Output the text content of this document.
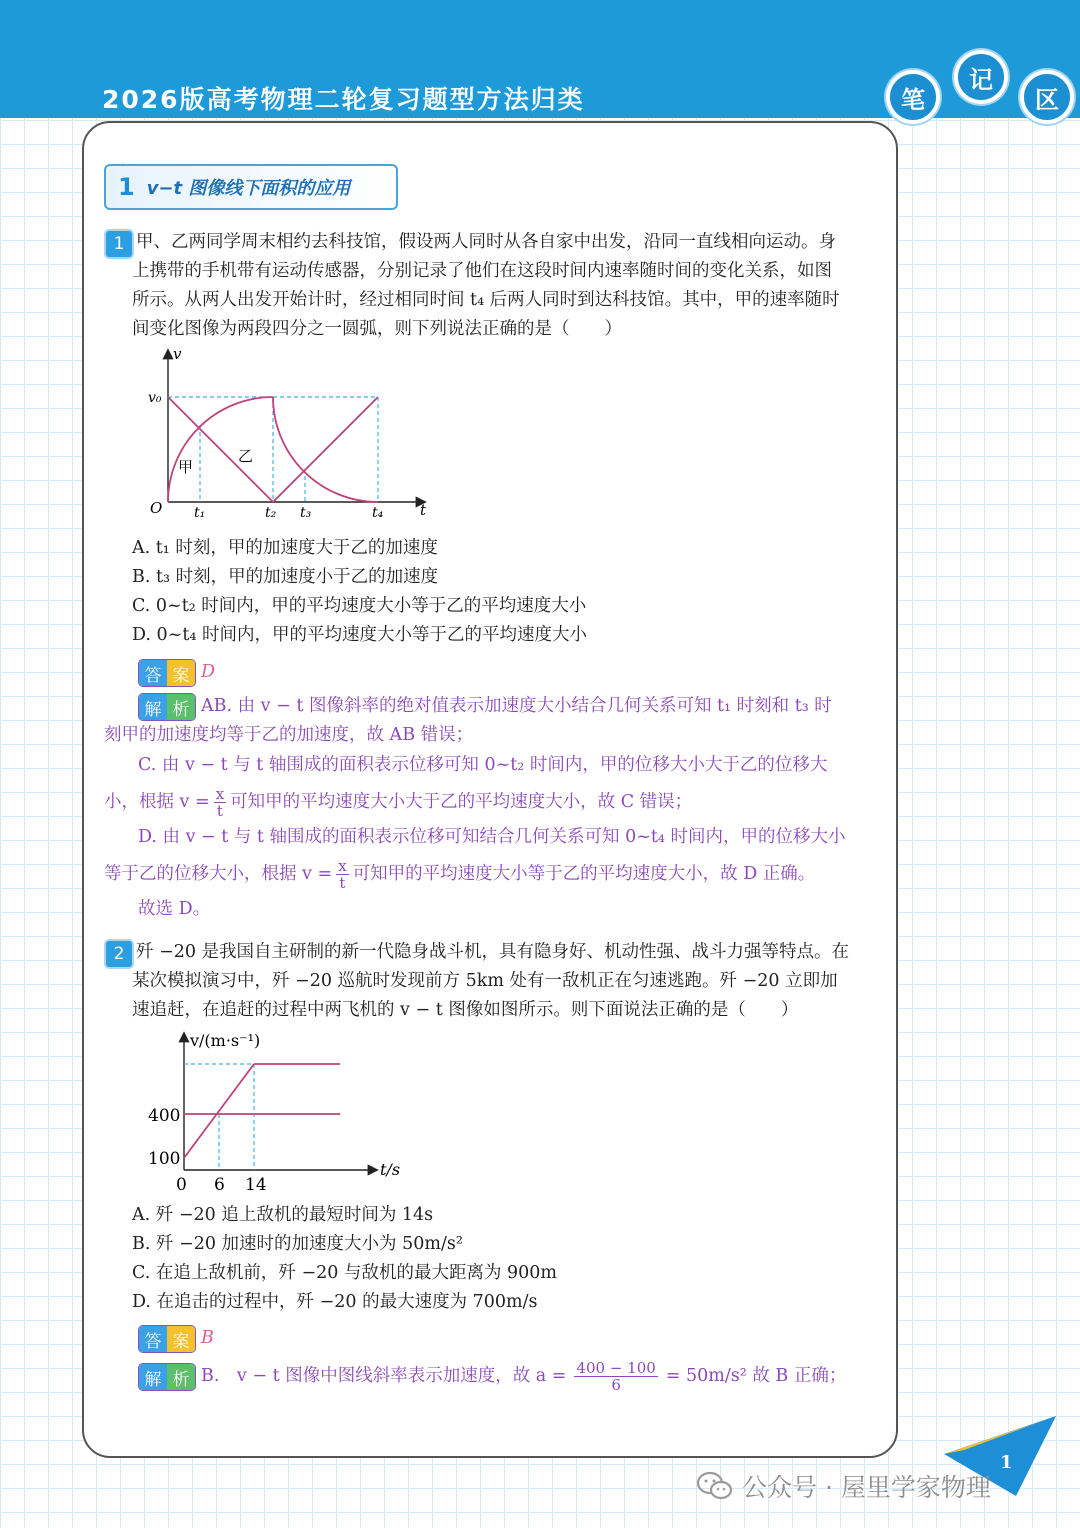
2026版高考物理二轮复习题型方法归类	笔
记
区
1 v−t 图像线下面积的应用
1 甲、乙两同学周末相约去科技馆，假设两人同时从各自家中出发，沿同一直线相向运动。身
上携带的手机带有运动传感器，分别记录了他们在这段时间内速率随时间的变化关系，如图
所示。从两人出发开始计时，经过相同时间 t₄ 后两人同时到达科技馆。其中，甲的速率随时
间变化图像为两段四分之一圆弧，则下列说法正确的是（　　）
v
t
O
v₀
t₁	t₂ t₃	t₄
甲
乙
A. t₁ 时刻，甲的加速度大于乙的加速度
B. t₃ 时刻，甲的加速度小于乙的加速度
C. 0~t₂ 时间内，甲的平均速度大小等于乙的平均速度大小
D. 0~t₄ 时间内，甲的平均速度大小等于乙的平均速度大小
答 案 D
解 析 AB. 由 v − t 图像斜率的绝对值表示加速度大小结合几何关系可知 t₁ 时刻和 t₃ 时
刻甲的加速度均等于乙的加速度，故 AB 错误；
C. 由 v − t 与 t 轴围成的面积表示位移可知 0~t₂ 时间内，甲的位移大小大于乙的位移大
小，根据 $v = \frac{x}{t}$ 可知甲的平均速度大小大于乙的平均速度大小，故 C 错误；
D. 由 v − t 与 t 轴围成的面积表示位移可知结合几何关系可知 0~t₄ 时间内，甲的位移大小
等于乙的位移大小，根据 $v = \frac{x}{t}$ 可知甲的平均速度大小等于乙的平均速度大小，故 D 正确。
故选 D。
2 歼 −20 是我国自主研制的新一代隐身战斗机，具有隐身好、机动性强、战斗力强等特点。在
某次模拟演习中，歼 −20 巡航时发现前方 5km 处有一敌机正在匀速逃跑。歼 −20 立即加
速追赶，在追赶的过程中两飞机的 v − t 图像如图所示。则下面说法正确的是（　　）
v/(m·s⁻¹)
t/s
400
100
0 6 14
A. 歼 −20 追上敌机的最短时间为 14s
B. 歼 −20 加速时的加速度大小为 50m/s²
C. 在追上敌机前，歼 −20 与敌机的最大距离为 900m
D. 在追击的过程中，歼 −20 的最大速度为 700m/s
答 案 B
解 析 B.　v − t 图像中图线斜率表示加速度，故 $a = \frac{400 - 100}{6} = 50m/s^2$ 故 B 正确；
1
公众号 · 屋里学家物理
